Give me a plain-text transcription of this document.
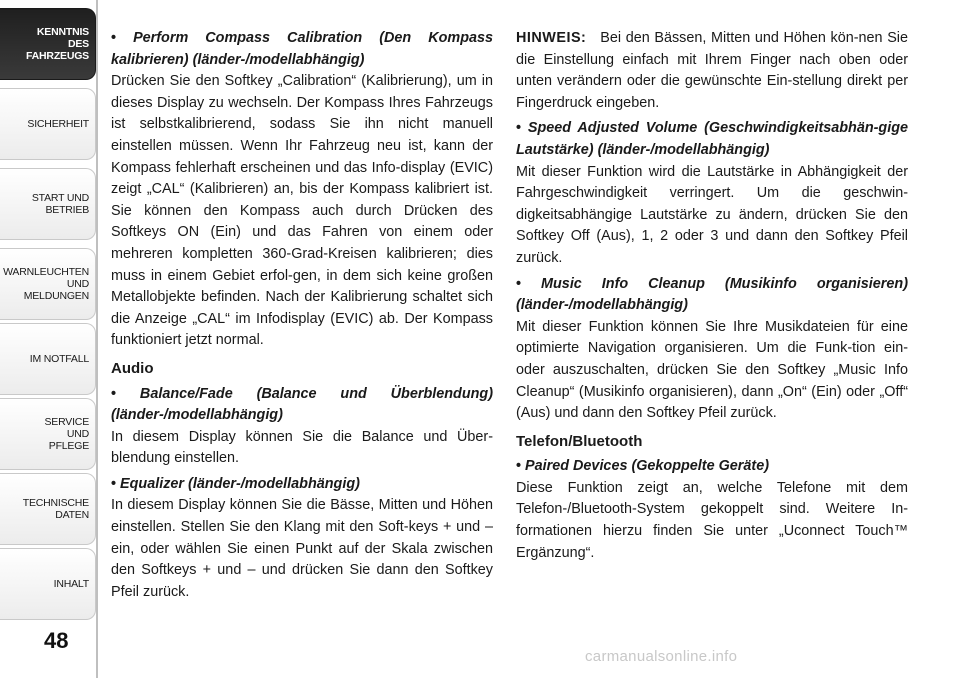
KENNTNIS
DES
FAHRZEUGS
SICHERHEIT
START UND
BETRIEB
WARNLEUCHTEN
UND
MELDUNGEN
IM NOTFALL
SERVICE
UND
PFLEGE
TECHNISCHE
DATEN
INHALT
48

• Perform Compass Calibration (Den Kompass kalibrieren) (länder-/modellabhängig)

Drücken Sie den Softkey „Calibration“ (Kalibrierung), um in dieses Display zu wechseln. Der Kompass Ihres Fahrzeugs ist selbstkalibrierend, sodass Sie ihn nicht manuell einstellen müssen. Wenn Ihr Fahrzeug neu ist, kann der Kompass fehlerhaft erscheinen und das Info-display (EVIC) zeigt „CAL“ (Kalibrieren) an, bis der Kompass kalibriert ist. Sie können den Kompass auch durch Drücken des Softkeys ON (Ein) und das Fahren von einem oder mehreren kompletten 360-Grad-Kreisen kalibrieren; dies muss in einem Gebiet erfol-gen, in dem sich keine großen Metallobjekte befinden. Nach der Kalibrierung schaltet sich die Anzeige „CAL“ im Infodisplay (EVIC) ab. Der Kompass funktioniert jetzt normal.

Audio

• Balance/Fade (Balance und Überblendung) (länder-/modellabhängig)

In diesem Display können Sie die Balance und Über-blendung einstellen.

• Equalizer (länder-/modellabhängig)

In diesem Display können Sie die Bässe, Mitten und Höhen einstellen. Stellen Sie den Klang mit den Soft-keys + und – ein, oder wählen Sie einen Punkt auf der Skala zwischen den Softkeys + und – und drücken Sie dann den Softkey Pfeil zurück.

HINWEIS: Bei den Bässen, Mitten und Höhen kön-nen Sie die Einstellung einfach mit Ihrem Finger nach oben oder unten verändern oder die gewünschte Ein-stellung direkt per Fingerdruck eingeben.

• Speed Adjusted Volume (Geschwindigkeitsabhän-gige Lautstärke) (länder-/modellabhängig)

Mit dieser Funktion wird die Lautstärke in Abhängigkeit der Fahrgeschwindigkeit verringert. Um die geschwin-digkeitsabhängige Lautstärke zu ändern, drücken Sie den Softkey Off (Aus), 1, 2 oder 3 und dann den Softkey Pfeil zurück.

• Music Info Cleanup (Musikinfo organisieren) (länder-/modellabhängig)

Mit dieser Funktion können Sie Ihre Musikdateien für eine optimierte Navigation organisieren. Um die Funk-tion ein- oder auszuschalten, drücken Sie den Softkey „Music Info Cleanup“ (Musikinfo organisieren), dann „On“ (Ein) oder „Off“ (Aus) und dann den Softkey Pfeil zurück.

Telefon/Bluetooth

• Paired Devices (Gekoppelte Geräte)

Diese Funktion zeigt an, welche Telefone mit dem Telefon-/Bluetooth-System gekoppelt sind. Weitere In-formationen hierzu finden Sie unter „Uconnect Touch™ Ergänzung“.

carmanualsonline.info
